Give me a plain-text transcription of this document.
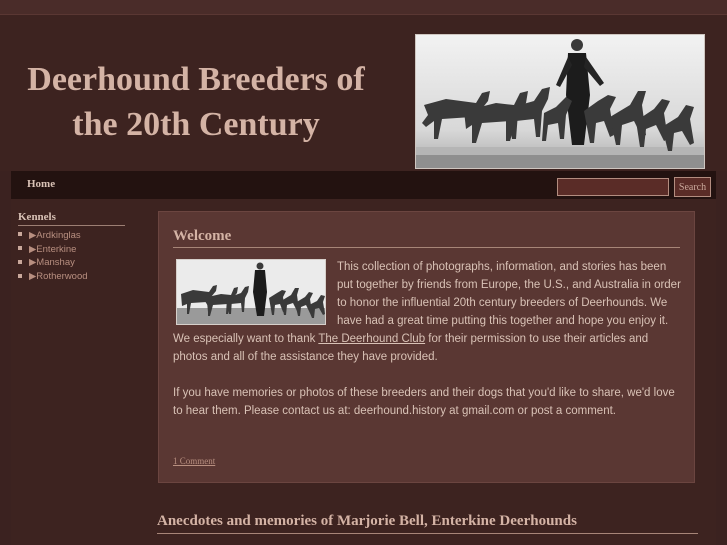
Deerhound Breeders of the 20th Century
Home	Search
Kennels
▶Ardkinglas
▶Enterkine
▶Manshay
▶Rotherwood
Welcome

This collection of photographs, information, and stories has been put together by friends from Europe, the U.S., and Australia in order to honor the influential 20th century breeders of Deerhounds. We have had a great time putting this together and hope you enjoy it. We especially want to thank The Deerhound Club for their permission to use their articles and photos and all of the assistance they have provided.

If you have memories or photos of these breeders and their dogs that you'd like to share, we'd love to hear them. Please contact us at: deerhound.history at gmail.com or post a comment.

1 Comment
Anecdotes and memories of Marjorie Bell, Enterkine Deerhounds
